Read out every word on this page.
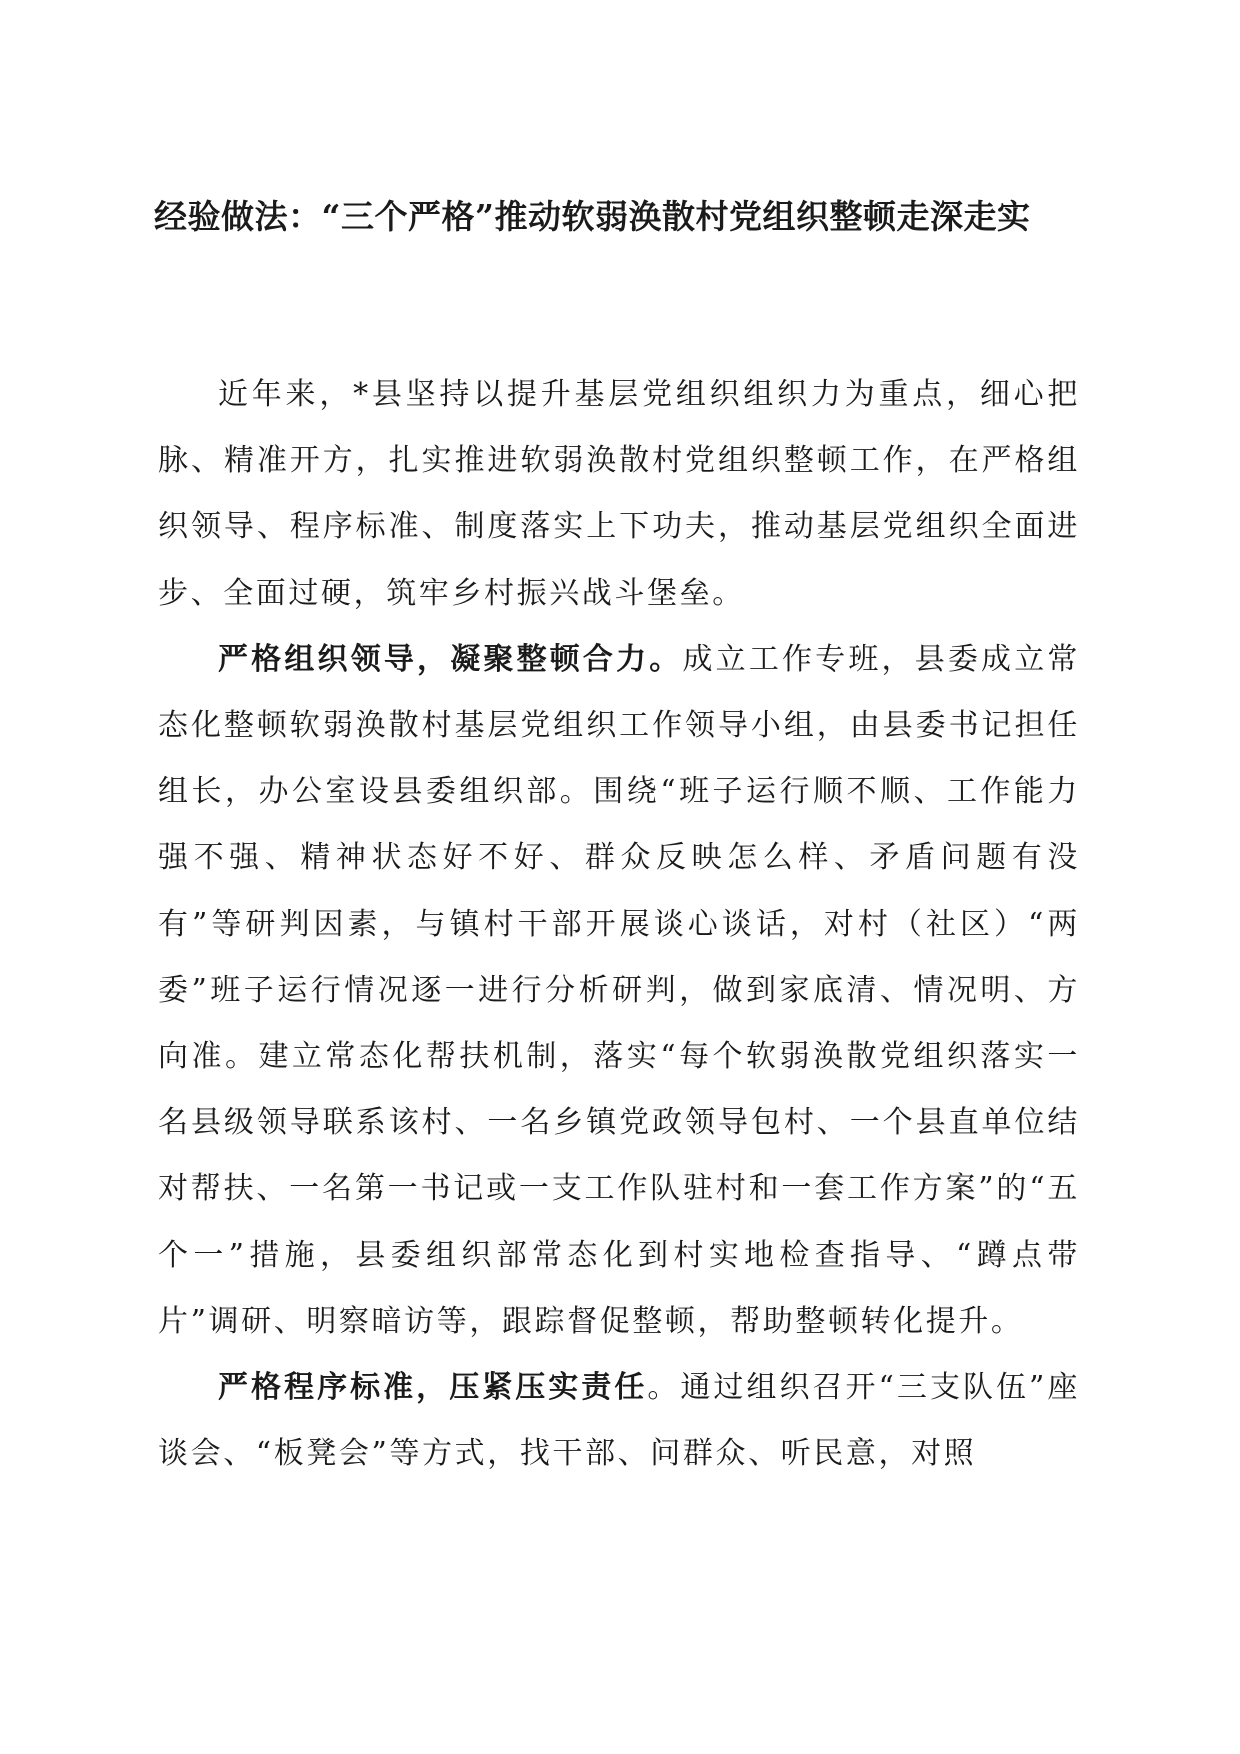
经验做法：“三个严格”推动软弱涣散村党组织整顿走深走实

近年来，*县坚持以提升基层党组织组织力为重点，细心把脉、精准开方，扎实推进软弱涣散村党组织整顿工作，在严格组织领导、程序标准、制度落实上下功夫，推动基层党组织全面进步、全面过硬，筑牢乡村振兴战斗堡垒。

严格组织领导，凝聚整顿合力。成立工作专班，县委成立常态化整顿软弱涣散村基层党组织工作领导小组，由县委书记担任组长，办公室设县委组织部。围绕“班子运行顺不顺、工作能力强不强、精神状态好不好、群众反映怎么样、矛盾问题有没有”等研判因素，与镇村干部开展谈心谈话，对村（社区）“两委”班子运行情况逐一进行分析研判，做到家底清、情况明、方向准。建立常态化帮扶机制，落实“每个软弱涣散党组织落实一名县级领导联系该村、一名乡镇党政领导包村、一个县直单位结对帮扶、一名第一书记或一支工作队驻村和一套工作方案”的“五个一”措施，县委组织部常态化到村实地检查指导、“蹲点带片”调研、明察暗访等，跟踪督促整顿，帮助整顿转化提升。

严格程序标准，压紧压实责任。通过组织召开“三支队伍”座谈会、“板凳会”等方式，找干部、问群众、听民意，对照
